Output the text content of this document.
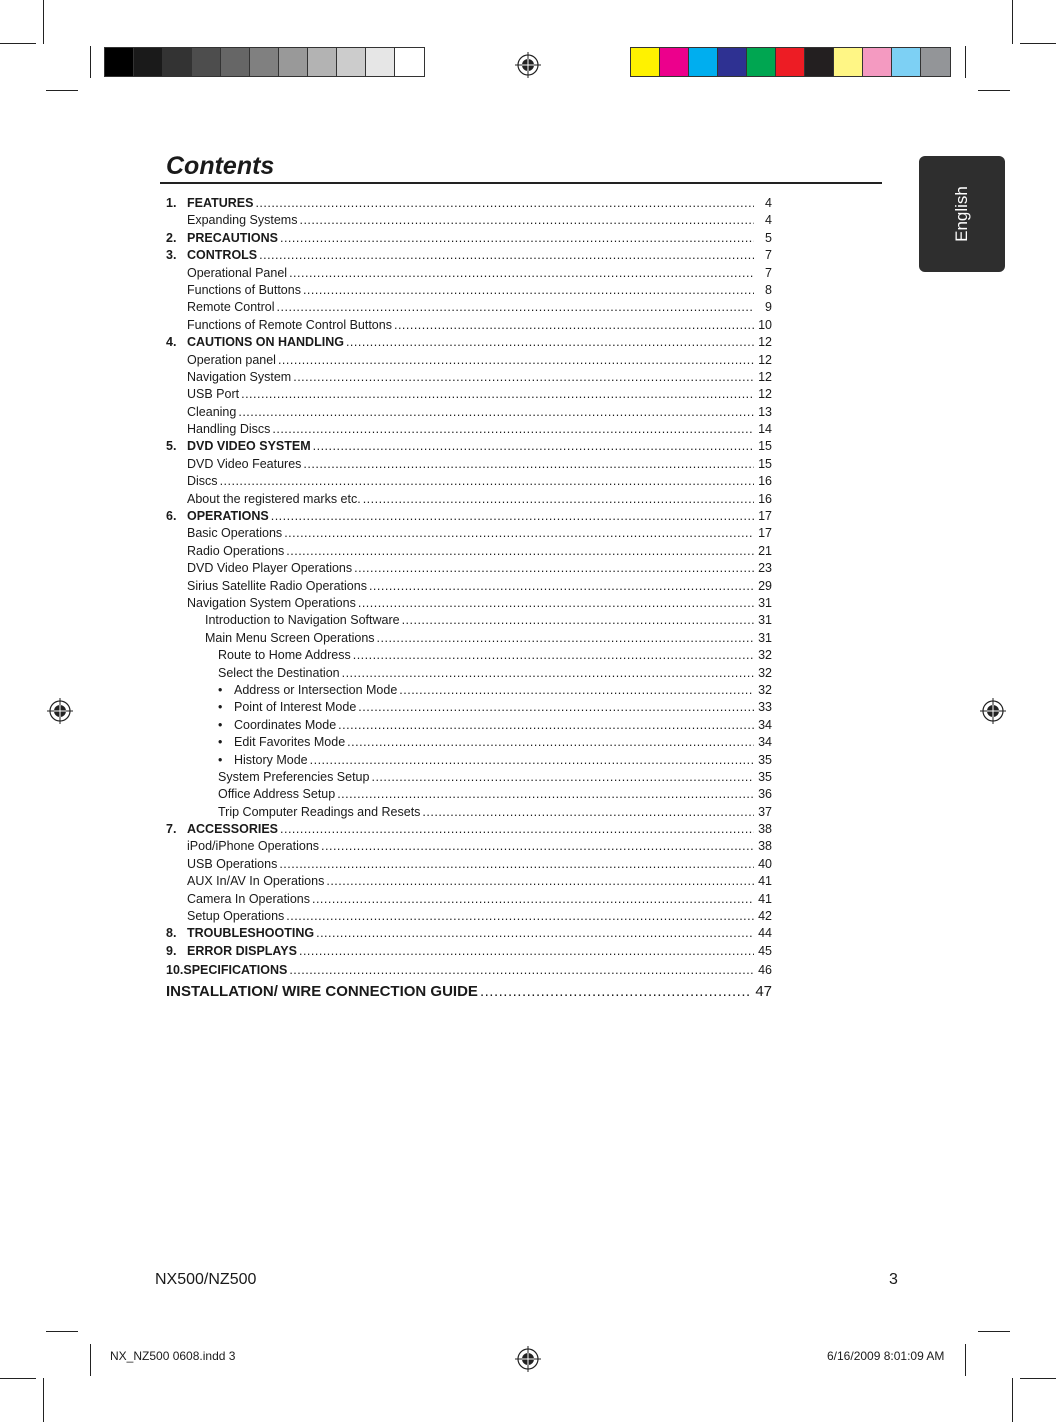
English
Contents
1. FEATURES .....	4
Expanding Systems .....	4
2. PRECAUTIONS .....	5
3. CONTROLS .....	7
Operational Panel .....	7
Functions of Buttons .....	8
Remote Control .....	9
Functions of Remote Control Buttons .....	10
4. CAUTIONS ON HANDLING .....	12
Operation panel .....	12
Navigation System .....	12
USB Port .....	12
Cleaning .....	13
Handling Discs .....	14
5. DVD VIDEO SYSTEM .....	15
DVD Video Features .....	15
Discs .....	16
About the registered marks etc. .....	16
6. OPERATIONS .....	17
Basic Operations .....	17
Radio Operations .....	21
DVD Video Player Operations .....	23
Sirius Satellite Radio Operations .....	29
Navigation System Operations .....	31
Introduction to Navigation Software .....	31
Main Menu Screen Operations .....	31
Route to Home Address .....	32
Select the Destination .....	32
• Address or Intersection Mode .....	32
• Point of Interest Mode .....	33
• Coordinates Mode .....	34
• Edit Favorites Mode .....	34
• History Mode .....	35
System Preferencies Setup .....	35
Office Address Setup .....	36
Trip Computer Readings and Resets .....	37
7. ACCESSORIES .....	38
iPod/iPhone Operations .....	38
USB Operations .....	40
AUX In/AV In Operations .....	41
Camera In Operations .....	41
Setup Operations .....	42
8. TROUBLESHOOTING .....	44
9. ERROR DISPLAYS .....	45
10.SPECIFICATIONS .....	46
INSTALLATION/ WIRE CONNECTION GUIDE .....	47
NX500/NZ500	3
NX_NZ500 0608.indd 3	6/16/2009 8:01:09 AM
